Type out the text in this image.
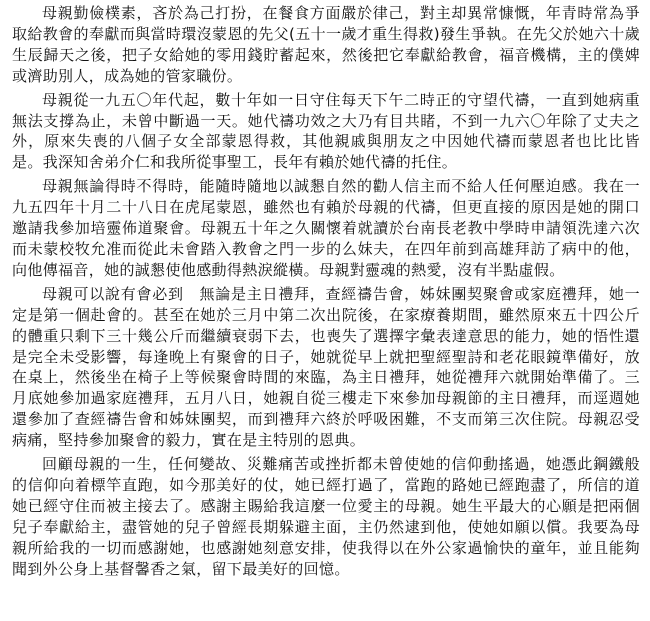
母親勤儉樸素，吝於為己打扮，在餐食方面嚴於律己，對主却異常慷慨，年青時常為爭取給教會的奉獻而與當時環沒蒙恩的先父(五十一歲才重生得救)發生爭執。在先父於她六十歲生辰歸天之後，把子女給她的零用錢貯蓄起來，然後把它奉獻給教會，福音機構，主的僕婢或濟助別人，成為她的管家職份。

母親從一九五〇年代起，數十年如一日守住每天下午二時正的守望代禱，一直到她病重無法支撐為止，未曾中斷過一天。她代禱功效之大乃有目共睹，不到一九六〇年除了丈夫之外，原來失喪的八個子女全部蒙恩得救，其他親戚與朋友之中因她代禱而蒙恩者也比比皆是。我深知舍弟介仁和我所從事聖工，長年有賴於她代禱的托住。

母親無論得時不得時，能隨時隨地以誠懇自然的勸人信主而不給人任何壓迫感。我在一九五四年十月二十八日在虎尾蒙恩，雖然也有賴於母親的代禱，但更直接的原因是她的開口邀請我參加培靈佈道聚會。母親五十年之久關懷着就讀於台南長老教中學時申請領洗達六次而未蒙校牧允准而從此未會踏入教會之門一步的么妹夫，在四年前到高雄拜訪了病中的他，向他傳福音，她的誠懇使他感動得熱淚縱橫。母親對靈魂的熱愛，沒有半點虛假。

母親可以說有會必到　無論是主日禮拜，查經禱告會，姊妹團契聚會或家庭禮拜，她一定是第一個赴會的。甚至在她於三月中第二次出院後，在家療養期間，雖然原來五十四公斤的體重只剩下三十幾公斤而繼續衰弱下去，也喪失了選擇字彙表達意思的能力，她的悟性還是完全未受影響，每逢晚上有聚會的日子，她就從早上就把聖經聖詩和老花眼鏡準備好，放在桌上，然後坐在椅子上等候聚會時間的來臨，為主日禮拜，她從禮拜六就開始準備了。三月底她參加過家庭禮拜，五月八日，她親自從三樓走下來參加母親節的主日禮拜，而逕週她還參加了查經禱告會和姊妹團契，而到禮拜六終於呼吸困難，不支而第三次住院。母親忍受病痛，堅持參加聚會的毅力，實在是主特別的恩典。

回顧母親的一生，任何變故、災難痛苦或挫折都未曾使她的信仰動搖過，她憑此鋼鐵般的信仰向着標竿直跑，如今那美好的仗，她已經打過了，當跑的路她已經跑盡了，所信的道她已經守住而被主接去了。感謝主賜給我這麼一位愛主的母親。她生平最大的心願是把兩個兒子奉獻給主，盡管她的兒子曾經長期躲避主面，主仍然逮到他，使她如願以償。我要為母親所給我的一切而感謝她，也感謝她刻意安排，使我得以在外公家過愉快的童年，並且能夠聞到外公身上基督馨香之氣，留下最美好的回憶。
